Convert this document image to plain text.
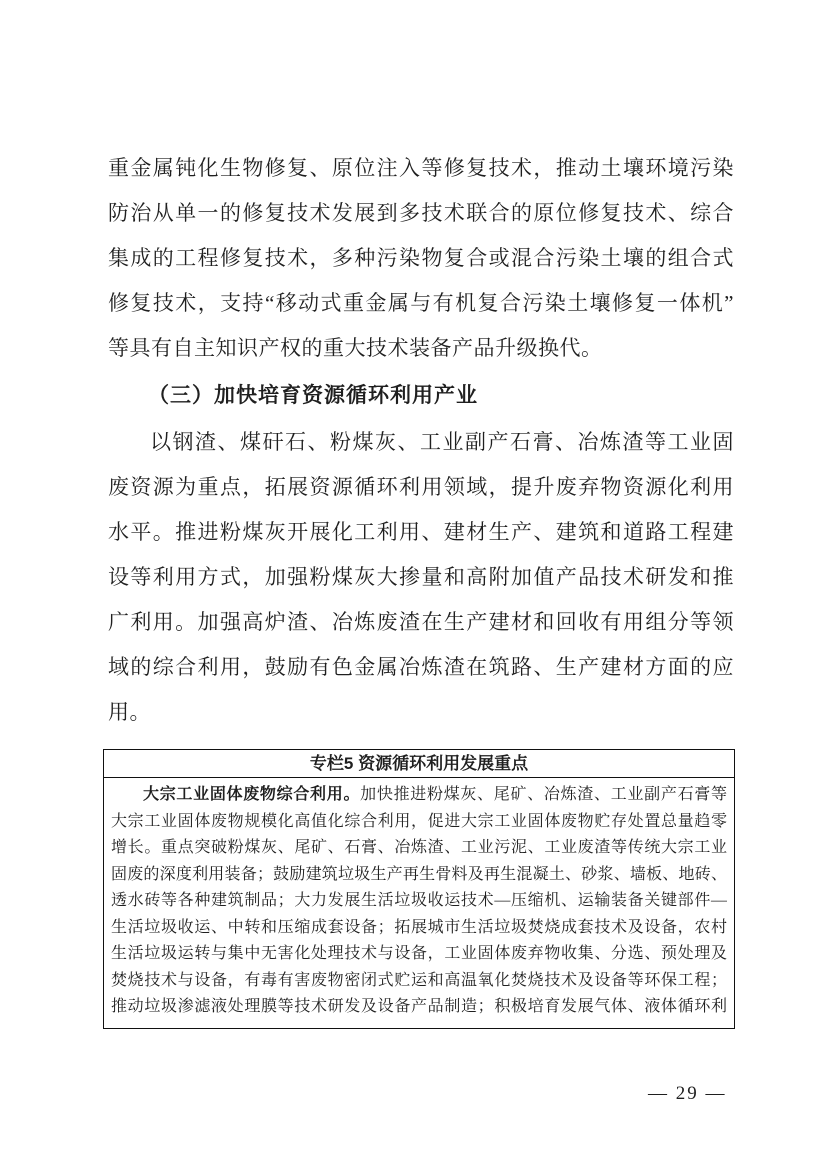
重金属钝化生物修复、原位注入等修复技术，推动土壤环境污染
防治从单一的修复技术发展到多技术联合的原位修复技术、综合
集成的工程修复技术，多种污染物复合或混合污染土壤的组合式
修复技术，支持“移动式重金属与有机复合污染土壤修复一体机”
等具有自主知识产权的重大技术装备产品升级换代。

（三）加快培育资源循环利用产业

以钢渣、煤矸石、粉煤灰、工业副产石膏、冶炼渣等工业固
废资源为重点，拓展资源循环利用领域，提升废弃物资源化利用
水平。推进粉煤灰开展化工利用、建材生产、建筑和道路工程建
设等利用方式，加强粉煤灰大掺量和高附加值产品技术研发和推
广利用。加强高炉渣、冶炼废渣在生产建材和回收有用组分等领
域的综合利用，鼓励有色金属冶炼渣在筑路、生产建材方面的应
用。

专栏5 资源循环利用发展重点
大宗工业固体废物综合利用。加快推进粉煤灰、尾矿、冶炼渣、工业副产石膏等
大宗工业固体废物规模化高值化综合利用，促进大宗工业固体废物贮存处置总量趋零
增长。重点突破粉煤灰、尾矿、石膏、冶炼渣、工业污泥、工业废渣等传统大宗工业
固废的深度利用装备；鼓励建筑垃圾生产再生骨料及再生混凝土、砂浆、墙板、地砖、
透水砖等各种建筑制品；大力发展生活垃圾收运技术—压缩机、运输装备关键部件—
生活垃圾收运、中转和压缩成套设备；拓展城市生活垃圾焚烧成套技术及设备，农村
生活垃圾运转与集中无害化处理技术与设备，工业固体废弃物收集、分选、预处理及
焚烧技术与设备，有毒有害废物密闭式贮运和高温氧化焚烧技术及设备等环保工程；
推动垃圾渗滤液处理膜等技术研发及设备产品制造；积极培育发展气体、液体循环利
— 29 —
